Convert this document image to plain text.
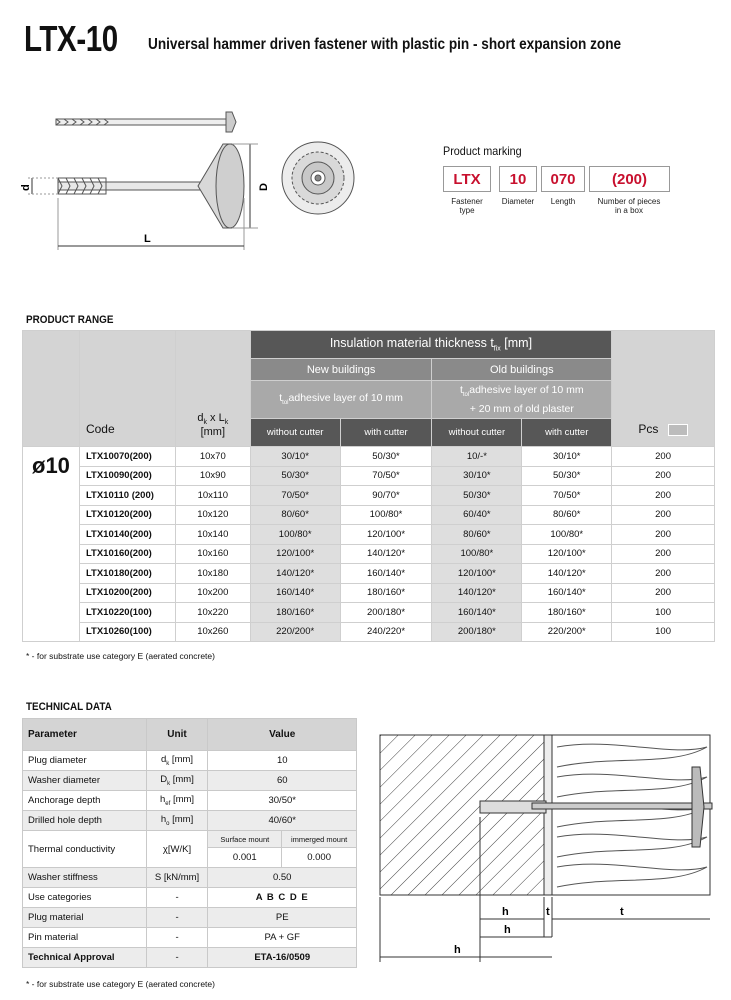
LTX-10 Universal hammer driven fastener with plastic pin - short expansion zone
d	D
L
Product marking
LTX	10	070	(200)
Fastener type
Diameter	Length	Number of pieces in a box
PRODUCT RANGE
	Code	$d_k$ x $L_k$
[mm]	Insulation material thickness $t_{fix}$ [mm]				Pcs
			New buildings		Old buildings		
			$t_{tol}adhesive$ layer of 10 mm		$t_{tol}adhesive$ layer of 10 mm
+ 20 mm of old plaster		
			without cutter	with cutter	without cutter	with cutter	
ø10	LTX10070(200)	10x70	30/10*	50/30*	10/-*	30/10*	200
	LTX10090(200)	10x90	50/30*	70/50*	30/10*	50/30*	200
	LTX10110 (200)	10x110	70/50*	90/70*	50/30*	70/50*	200
	LTX10120(200)	10x120	80/60*	100/80*	60/40*	80/60*	200
	LTX10140(200)	10x140	100/80*	120/100*	80/60*	100/80*	200
	LTX10160(200)	10x160	120/100*	140/120*	100/80*	120/100*	200
	LTX10180(200)	10x180	140/120*	160/140*	120/100*	140/120*	200
	LTX10200(200)	10x200	160/140*	180/160*	140/120*	160/140*	200
	LTX10220(100)	10x220	180/160*	200/180*	160/140*	180/160*	100
	LTX10260(100)	10x260	220/200*	240/220*	200/180*	220/200*	100
* - for substrate use category E (aerated concrete)
TECHNICAL DATA
Parameter	Unit	Value	
Plug diameter	$d_k$ [mm]	10	
Washer diameter	$D_k$ [mm]	60	
Anchorage depth	$h_{ef}$ [mm]	30/50*	
Drilled hole depth	$h_o$ [mm]	40/60*	
Thermal conductivity	χ[W/K]	Surface mount	immerged mount
		0.001	0.000
Washer stiffness	S [kN/mm]	0.50	
Use categories	-	A B C D E	
Plug material	-	PE	
Pin material	-	PA + GF	
Technical Approval	-	ETA-16/0509	
* - for substrate use category E (aerated concrete)
h	t	t
h
h
